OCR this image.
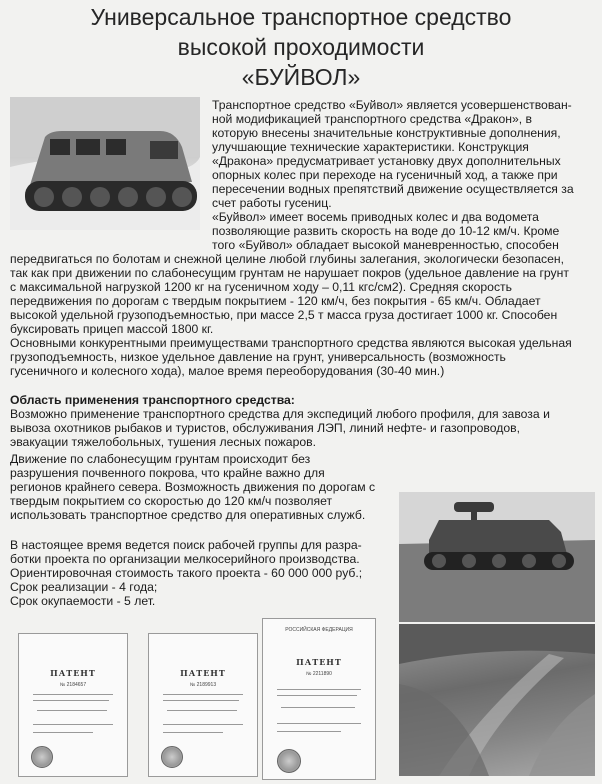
Универсальное транспортное средство
высокой проходимости
«БУЙВОЛ»
Транспортное средство «Буйвол» является усовершенствован-
ной модификацией транспортного средства «Дракон», в
которую внесены значительные конструктивные дополнения,
улучшающие технические характеристики. Конструкция
«Дракона» предусматривает установку двух дополнительных
опорных колес при переходе на гусеничный ход, а также при
пересечении водных препятствий движение осуществляется за
счет работы гусениц.
«Буйвол» имеет восемь приводных колес и два водомета
позволяющие развить скорость на воде до 10-12 км/ч. Кроме
того «Буйвол» обладает высокой маневренностью, способен
передвигаться по болотам и снежной целине любой глубины залегания, экологически безопасен,
так как при движении по слабонесущим грунтам не нарушает покров (удельное давление на грунт
с максимальной нагрузкой 1200 кг на гусеничном ходу – 0,11 кгс/см2). Средняя скорость
передвижения по дорогам с твердым покрытием - 120 км/ч, без покрытия - 65 км/ч. Обладает
высокой удельной грузоподъемностью, при массе 2,5 т масса груза достигает 1000 кг. Способен
буксировать прицеп массой 1800 кг.
Основными конкурентными преимуществами транспортного средства являются высокая удельная
грузоподъемность, низкое удельное давление на грунт, универсальность (возможность
гусеничного и колесного хода), малое время переоборудования (30-40 мин.)
Область применения транспортного средства:
Возможно применение транспортного средства для экспедиций любого профиля, для завоза и
вывоза охотников рыбаков и туристов, обслуживания ЛЭП, линий нефте- и газопроводов,
эвакуации тяжелобольных, тушения лесных пожаров.
Движение по слабонесущим грунтам происходит без
разрушения почвенного покрова, что крайне важно для
регионов крайнего севера. Возможность движения по дорогам с
твердым покрытием со скоростью до 120 км/ч позволяет
использовать транспортное средство для оперативных служб.
В настоящее время ведется поиск рабочей группы для разра-
ботки проекта по организации мелкосерийного производства.
Ориентировочная стоимость такого проекта - 60 000 000 руб.;
Срок реализации - 4 года;
Срок окупаемости - 5 лет.
ПАТЕНТ
№ 2184657
ПАТЕНТ
№ 2189913
РОССИЙСКАЯ ФЕДЕРАЦИЯ
ПАТЕНТ
№ 2211890
